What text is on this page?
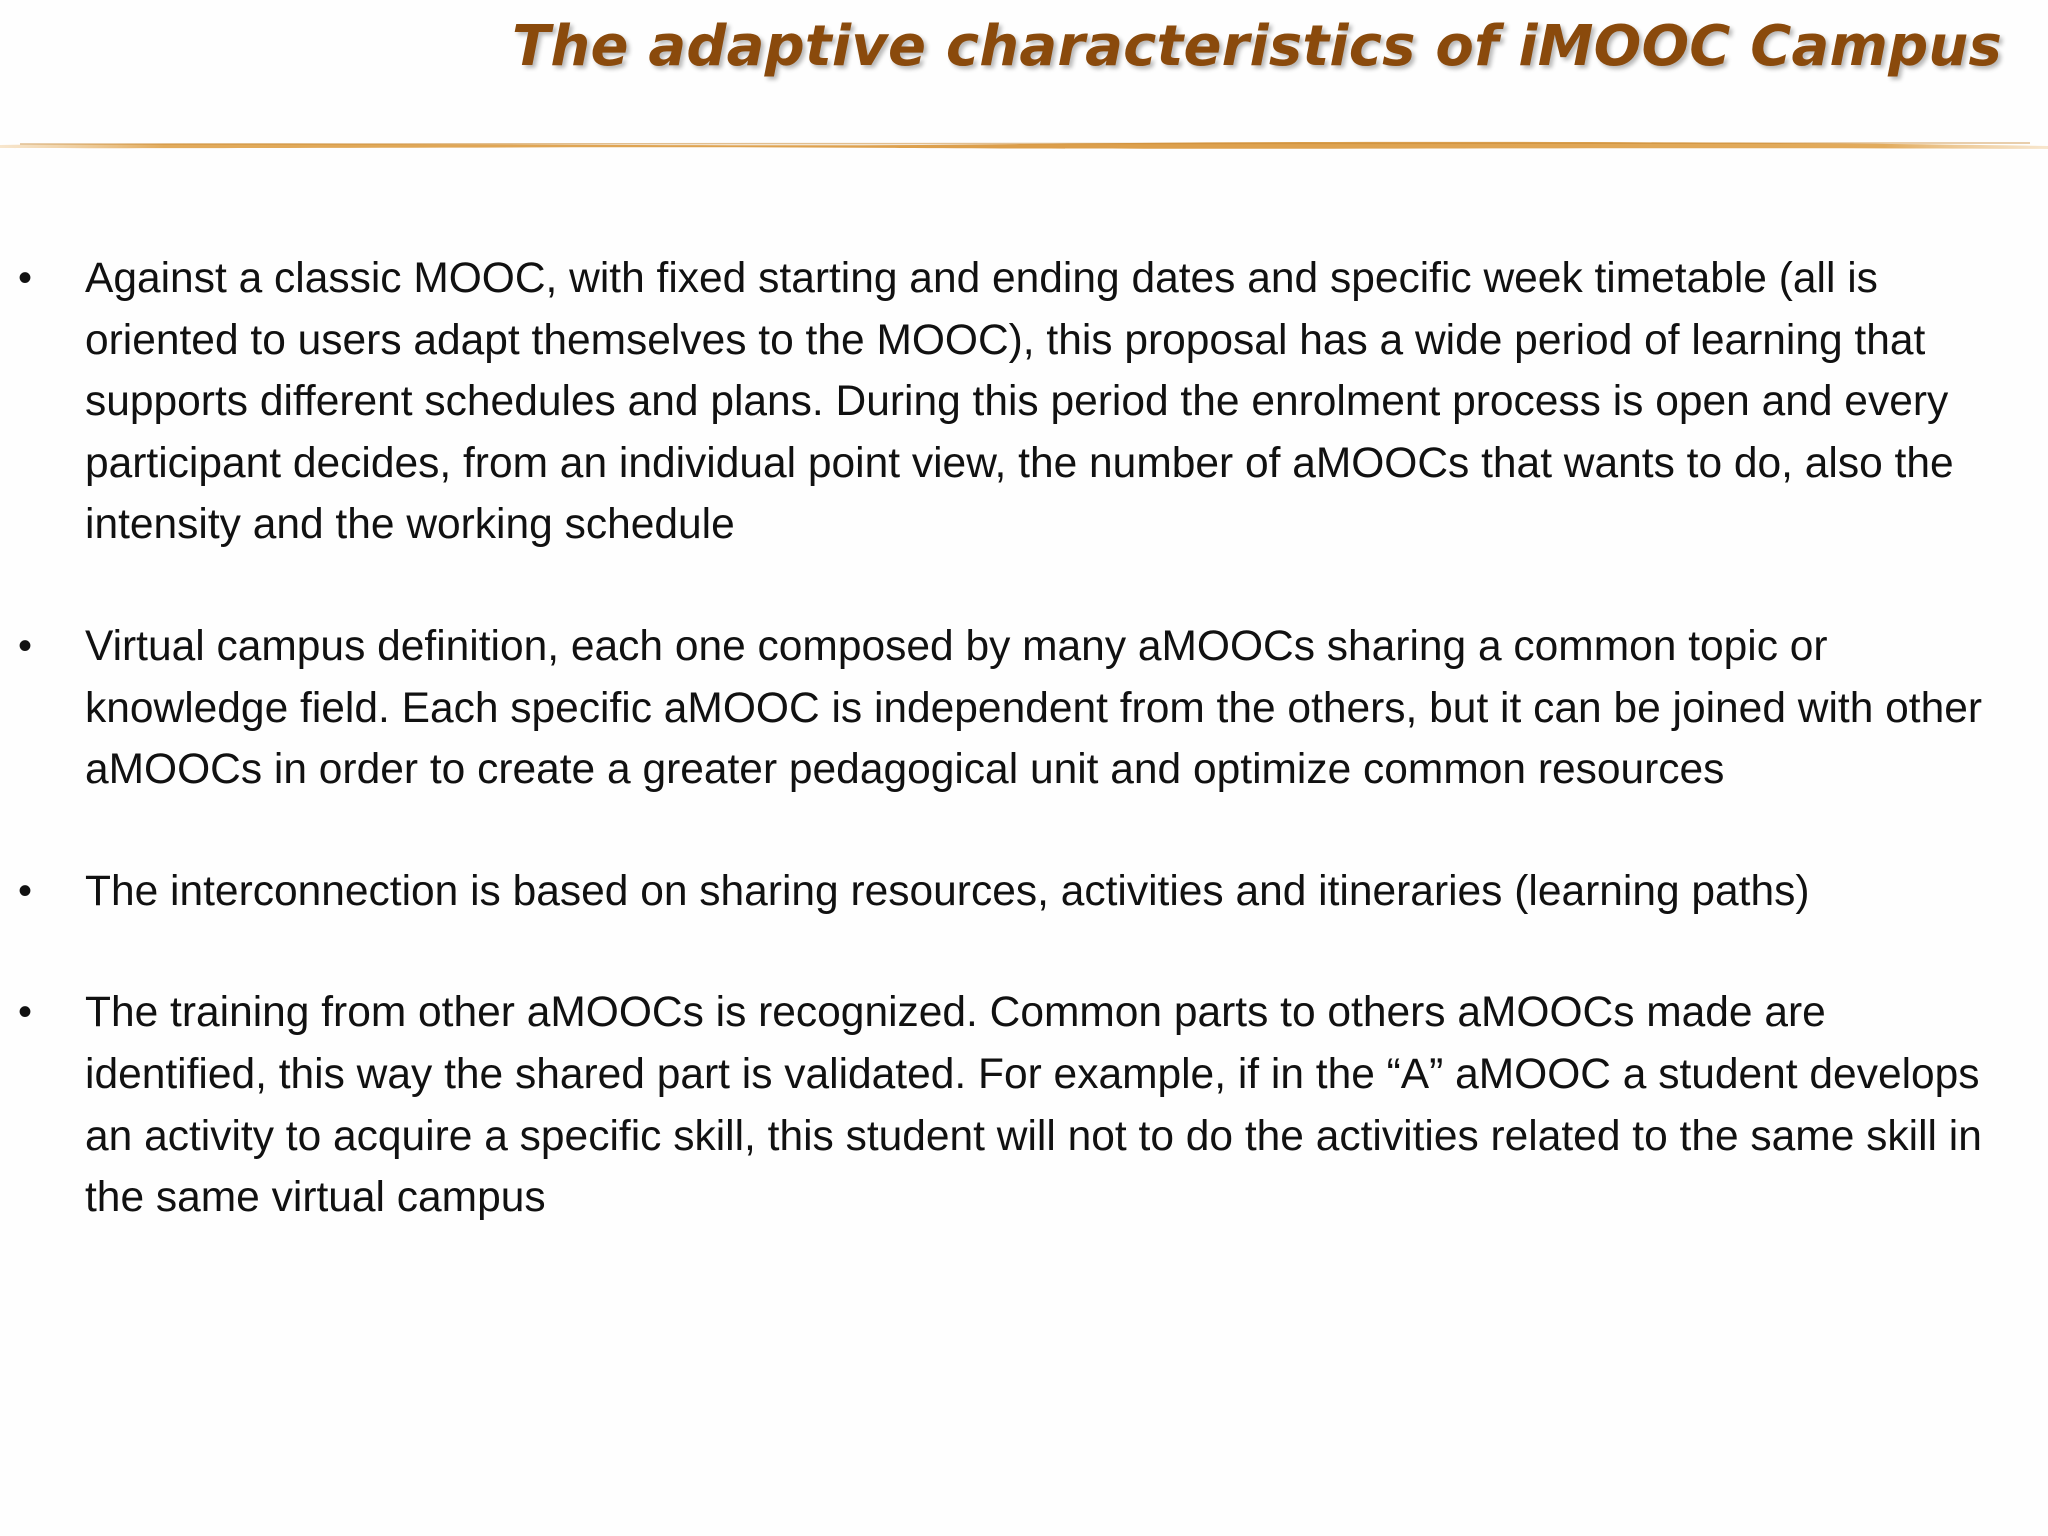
The adaptive characteristics of iMOOC Campus
• Against a classic MOOC, with fixed starting and ending dates and specific week timetable (all is oriented to users adapt themselves to the MOOC), this proposal has a wide period of learning that supports different schedules and plans. During this period the enrolment process is open and every participant decides, from an individual point view, the number of aMOOCs that wants to do, also the intensity and the working schedule
• Virtual campus definition, each one composed by many aMOOCs sharing a common topic or knowledge field. Each specific aMOOC is independent from the others, but it can be joined with other aMOOCs in order to create a greater pedagogical unit and optimize common resources
• The interconnection is based on sharing resources, activities and itineraries (learning paths)
• The training from other aMOOCs is recognized. Common parts to others aMOOCs made are identified, this way the shared part is validated. For example, if in the “A” aMOOC a student develops an activity to acquire a specific skill, this student will not to do the activities related to the same skill in the same virtual campus
